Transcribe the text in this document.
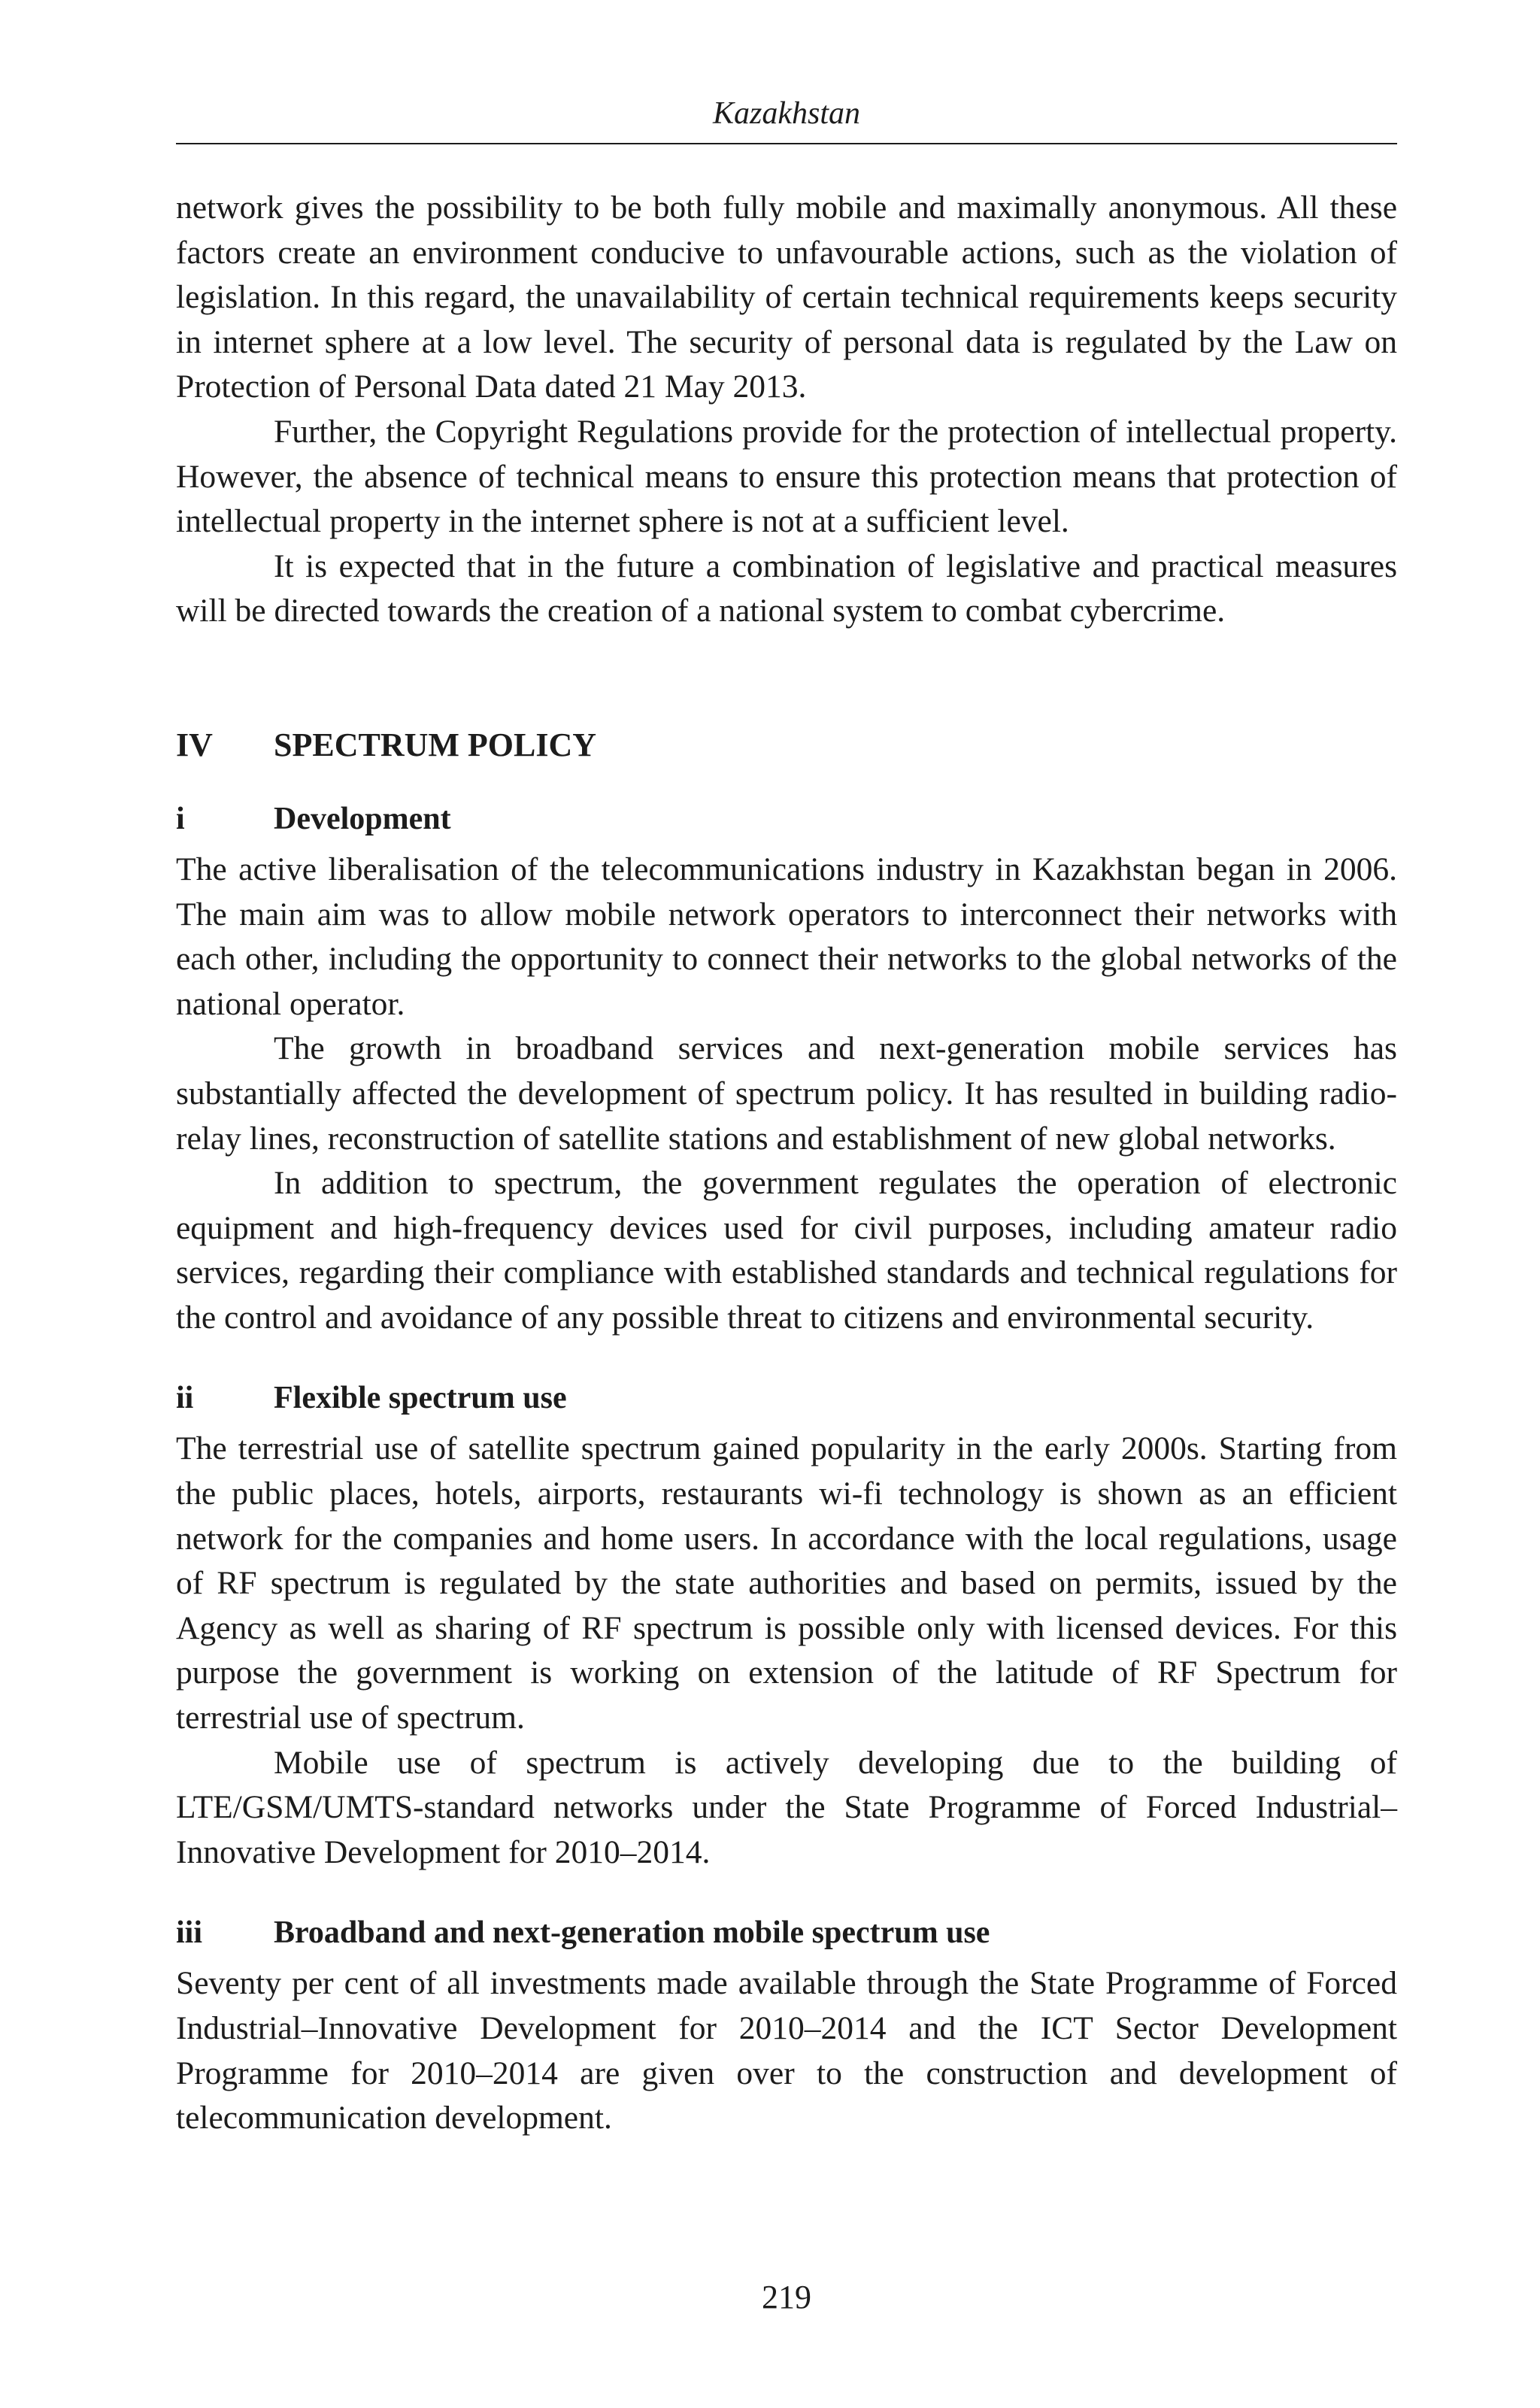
Kazakhstan

network gives the possibility to be both fully mobile and maximally anonymous. All these factors create an environment conducive to unfavourable actions, such as the violation of legislation. In this regard, the unavailability of certain technical requirements keeps security in internet sphere at a low level. The security of personal data is regulated by the Law on Protection of Personal Data dated 21 May 2013.

Further, the Copyright Regulations provide for the protection of intellectual property. However, the absence of technical means to ensure this protection means that protection of intellectual property in the internet sphere is not at a sufficient level.

It is expected that in the future a combination of legislative and practical measures will be directed towards the creation of a national system to combat cybercrime.

IV	SPECTRUM POLICY
i	Development

The active liberalisation of the telecommunications industry in Kazakhstan began in 2006. The main aim was to allow mobile network operators to interconnect their networks with each other, including the opportunity to connect their networks to the global networks of the national operator.

The growth in broadband services and next-generation mobile services has substantially affected the development of spectrum policy. It has resulted in building radio-relay lines, reconstruction of satellite stations and establishment of new global networks.

In addition to spectrum, the government regulates the operation of electronic equipment and high-frequency devices used for civil purposes, including amateur radio services, regarding their compliance with established standards and technical regulations for the control and avoidance of any possible threat to citizens and environmental security.

ii	Flexible spectrum use

The terrestrial use of satellite spectrum gained popularity in the early 2000s. Starting from the public places, hotels, airports, restaurants wi-fi technology is shown as an efficient network for the companies and home users. In accordance with the local regulations, usage of RF spectrum is regulated by the state authorities and based on permits, issued by the Agency as well as sharing of RF spectrum is possible only with licensed devices. For this purpose the government is working on extension of the latitude of RF Spectrum for terrestrial use of spectrum.

Mobile use of spectrum is actively developing due to the building of LTE/GSM/UMTS-standard networks under the State Programme of Forced Industrial–Innovative Development for 2010–2014.

iii	Broadband and next-generation mobile spectrum use

Seventy per cent of all investments made available through the State Programme of Forced Industrial–Innovative Development for 2010–2014 and the ICT Sector Development Programme for 2010–2014 are given over to the construction and development of telecommunication development.

219
